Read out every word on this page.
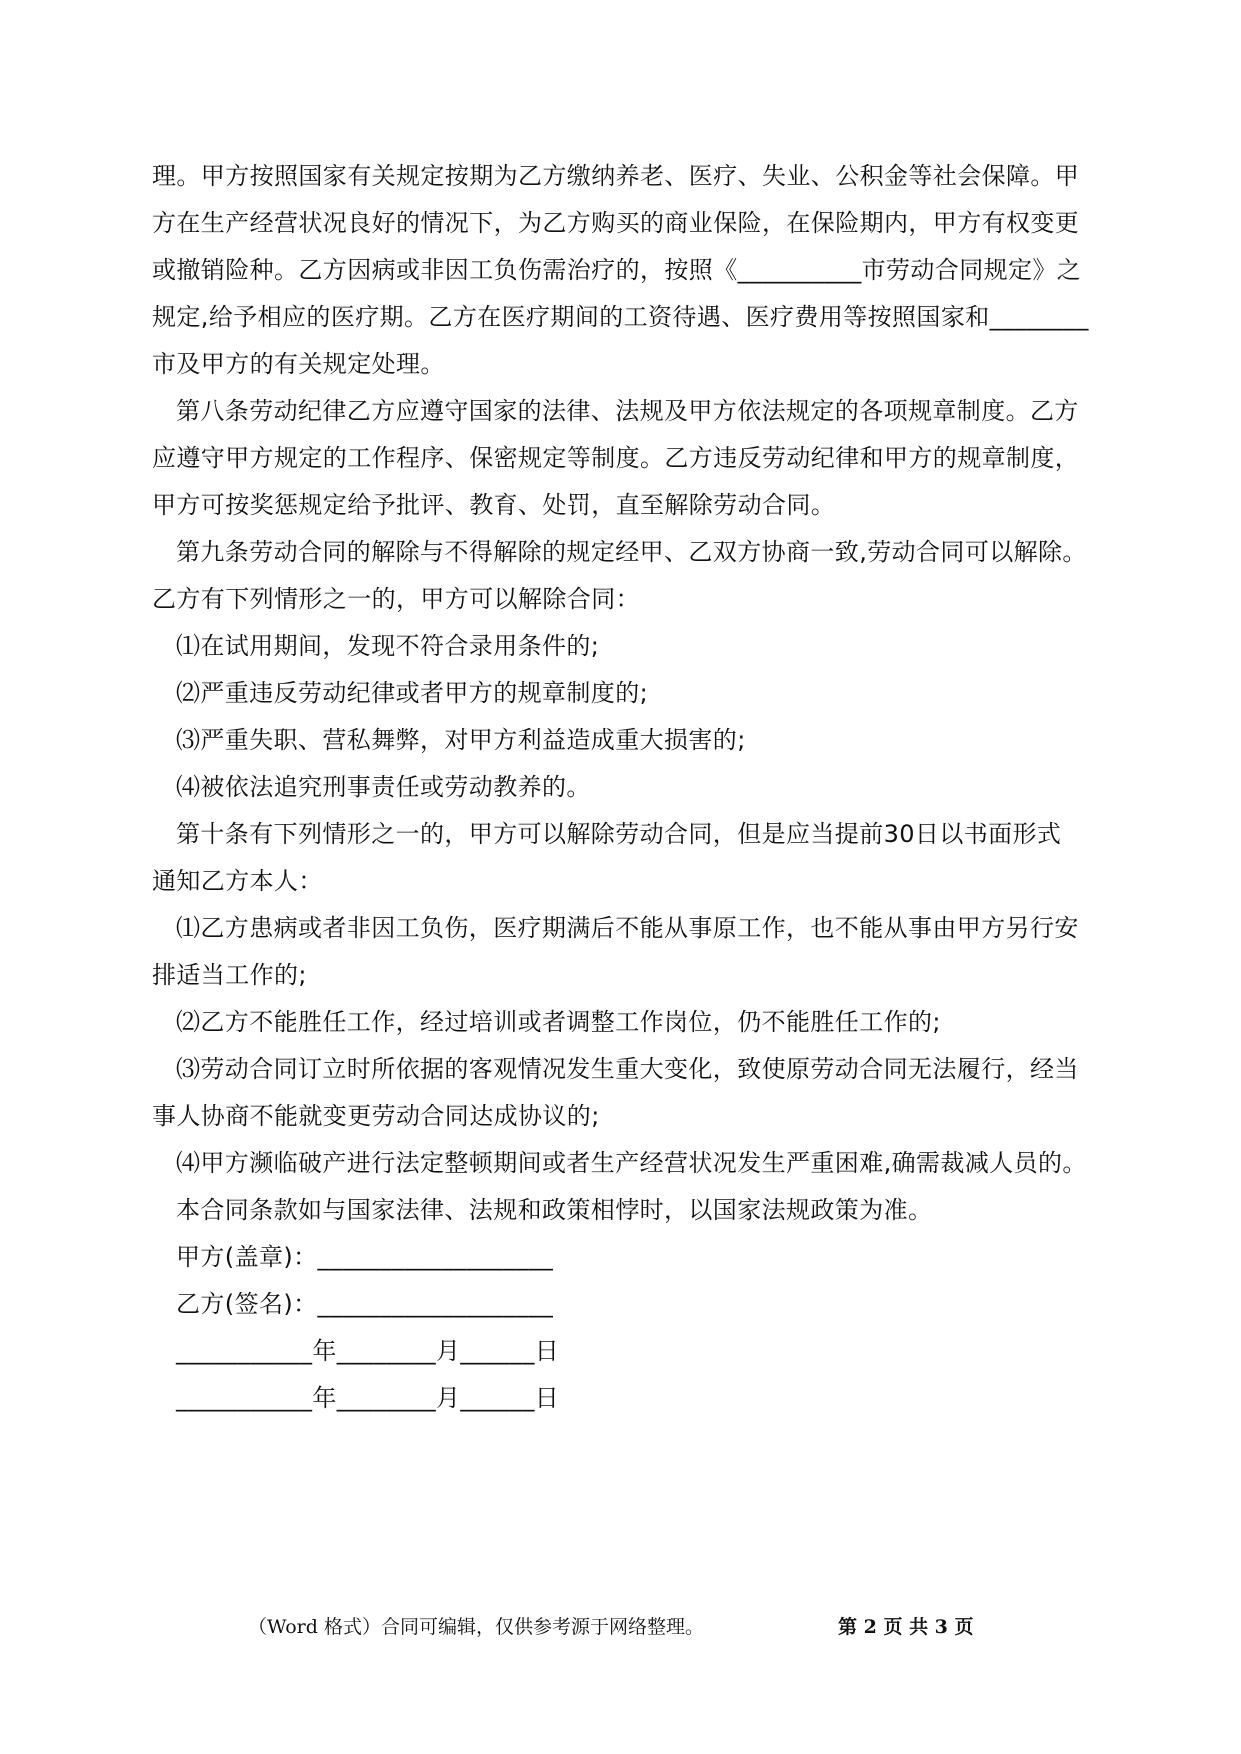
理。甲方按照国家有关规定按期为乙方缴纳养老、医疗、失业、公积金等社会保障。甲
方在生产经营状况良好的情况下，为乙方购买的商业保险，在保险期内，甲方有权变更
或撤销险种。乙方因病或非因工负伤需治疗的，按照《__________市劳动合同规定》之
规定,给予相应的医疗期。乙方在医疗期间的工资待遇、医疗费用等按照国家和________
市及甲方的有关规定处理。
第八条劳动纪律乙方应遵守国家的法律、法规及甲方依法规定的各项规章制度。乙方
应遵守甲方规定的工作程序、保密规定等制度。乙方违反劳动纪律和甲方的规章制度，
甲方可按奖惩规定给予批评、教育、处罚，直至解除劳动合同。
第九条劳动合同的解除与不得解除的规定经甲、乙双方协商一致,劳动合同可以解除。
乙方有下列情形之一的，甲方可以解除合同：
⑴在试用期间，发现不符合录用条件的;
⑵严重违反劳动纪律或者甲方的规章制度的;
⑶严重失职、营私舞弊，对甲方利益造成重大损害的;
⑷被依法追究刑事责任或劳动教养的。
第十条有下列情形之一的，甲方可以解除劳动合同，但是应当提前30日以书面形式
通知乙方本人：
⑴乙方患病或者非因工负伤，医疗期满后不能从事原工作，也不能从事由甲方另行安
排适当工作的;
⑵乙方不能胜任工作，经过培训或者调整工作岗位，仍不能胜任工作的;
⑶劳动合同订立时所依据的客观情况发生重大变化，致使原劳动合同无法履行，经当
事人协商不能就变更劳动合同达成协议的;
⑷甲方濒临破产进行法定整顿期间或者生产经营状况发生严重困难,确需裁减人员的。
本合同条款如与国家法律、法规和政策相悖时，以国家法规政策为准。
甲方(盖章)：___________________
乙方(签名)：___________________
___________年________月______日
___________年________月______日
（Word 格式）合同可编辑，仅供参考源于网络整理。	第 2 页 共 3 页
